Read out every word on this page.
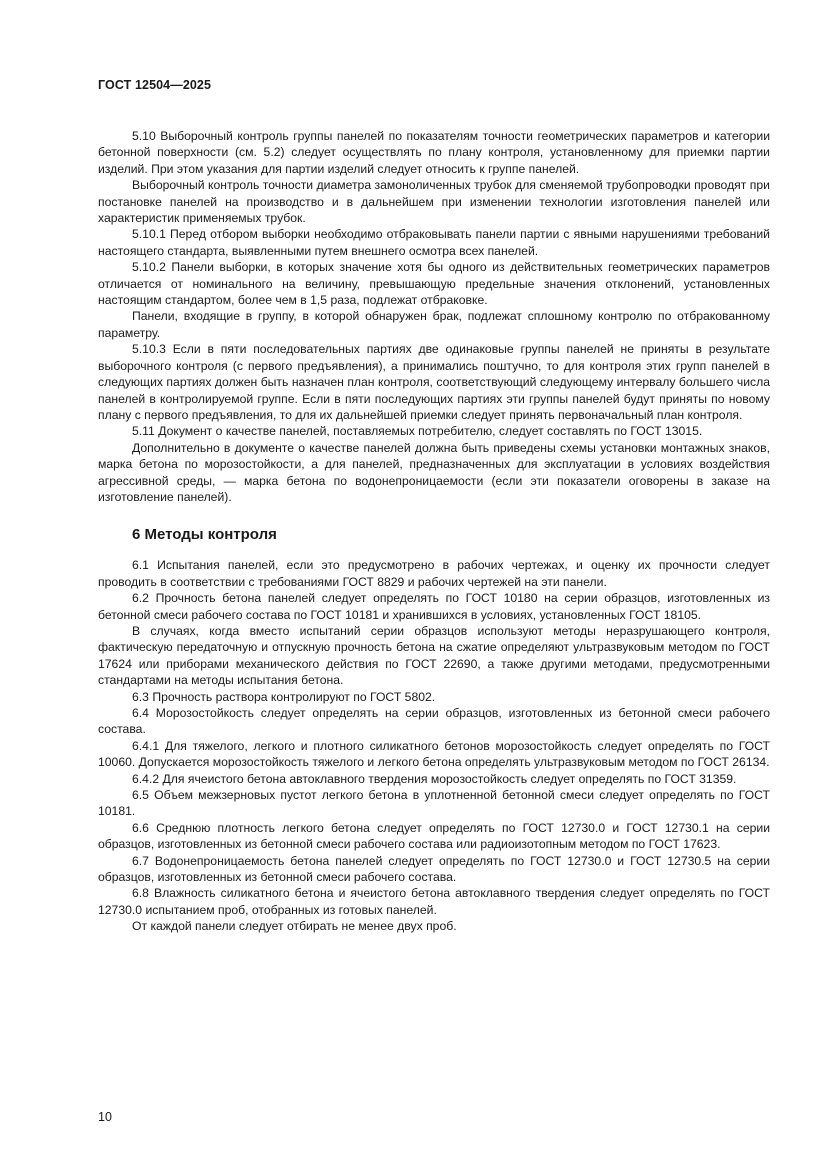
ГОСТ 12504—2025

5.10 Выборочный контроль группы панелей по показателям точности геометрических параметров и категории бетонной поверхности (см. 5.2) следует осуществлять по плану контроля, установленному для приемки партии изделий. При этом указания для партии изделий следует относить к группе панелей.

Выборочный контроль точности диаметра замоноличенных трубок для сменяемой трубопроводки проводят при постановке панелей на производство и в дальнейшем при изменении технологии изготовления панелей или характеристик применяемых трубок.

5.10.1 Перед отбором выборки необходимо отбраковывать панели партии с явными нарушениями требований настоящего стандарта, выявленными путем внешнего осмотра всех панелей.

5.10.2 Панели выборки, в которых значение хотя бы одного из действительных геометрических параметров отличается от номинального на величину, превышающую предельные значения отклонений, установленных настоящим стандартом, более чем в 1,5 раза, подлежат отбраковке.

Панели, входящие в группу, в которой обнаружен брак, подлежат сплошному контролю по отбракованному параметру.

5.10.3 Если в пяти последовательных партиях две одинаковые группы панелей не приняты в результате выборочного контроля (с первого предъявления), а принимались поштучно, то для контроля этих групп панелей в следующих партиях должен быть назначен план контроля, соответствующий следующему интервалу большего числа панелей в контролируемой группе. Если в пяти последующих партиях эти группы панелей будут приняты по новому плану с первого предъявления, то для их дальнейшей приемки следует принять первоначальный план контроля.

5.11 Документ о качестве панелей, поставляемых потребителю, следует составлять по ГОСТ 13015.

Дополнительно в документе о качестве панелей должна быть приведены схемы установки монтажных знаков, марка бетона по морозостойкости, а для панелей, предназначенных для эксплуатации в условиях воздействия агрессивной среды, — марка бетона по водонепроницаемости (если эти показатели оговорены в заказе на изготовление панелей).

6 Методы контроля

6.1 Испытания панелей, если это предусмотрено в рабочих чертежах, и оценку их прочности следует проводить в соответствии с требованиями ГОСТ 8829 и рабочих чертежей на эти панели.

6.2 Прочность бетона панелей следует определять по ГОСТ 10180 на серии образцов, изготовленных из бетонной смеси рабочего состава по ГОСТ 10181 и хранившихся в условиях, установленных ГОСТ 18105.

В случаях, когда вместо испытаний серии образцов используют методы неразрушающего контроля, фактическую передаточную и отпускную прочность бетона на сжатие определяют ультразвуковым методом по ГОСТ 17624 или приборами механического действия по ГОСТ 22690, а также другими методами, предусмотренными стандартами на методы испытания бетона.

6.3 Прочность раствора контролируют по ГОСТ 5802.

6.4 Морозостойкость следует определять на серии образцов, изготовленных из бетонной смеси рабочего состава.

6.4.1 Для тяжелого, легкого и плотного силикатного бетонов морозостойкость следует определять по ГОСТ 10060. Допускается морозостойкость тяжелого и легкого бетона определять ультразвуковым методом по ГОСТ 26134.

6.4.2 Для ячеистого бетона автоклавного твердения морозостойкость следует определять по ГОСТ 31359.

6.5 Объем межзерновых пустот легкого бетона в уплотненной бетонной смеси следует определять по ГОСТ 10181.

6.6 Среднюю плотность легкого бетона следует определять по ГОСТ 12730.0 и ГОСТ 12730.1 на серии образцов, изготовленных из бетонной смеси рабочего состава или радиоизотопным методом по ГОСТ 17623.

6.7 Водонепроницаемость бетона панелей следует определять по ГОСТ 12730.0 и ГОСТ 12730.5 на серии образцов, изготовленных из бетонной смеси рабочего состава.

6.8 Влажность силикатного бетона и ячеистого бетона автоклавного твердения следует определять по ГОСТ 12730.0 испытанием проб, отобранных из готовых панелей.

От каждой панели следует отбирать не менее двух проб.

10
